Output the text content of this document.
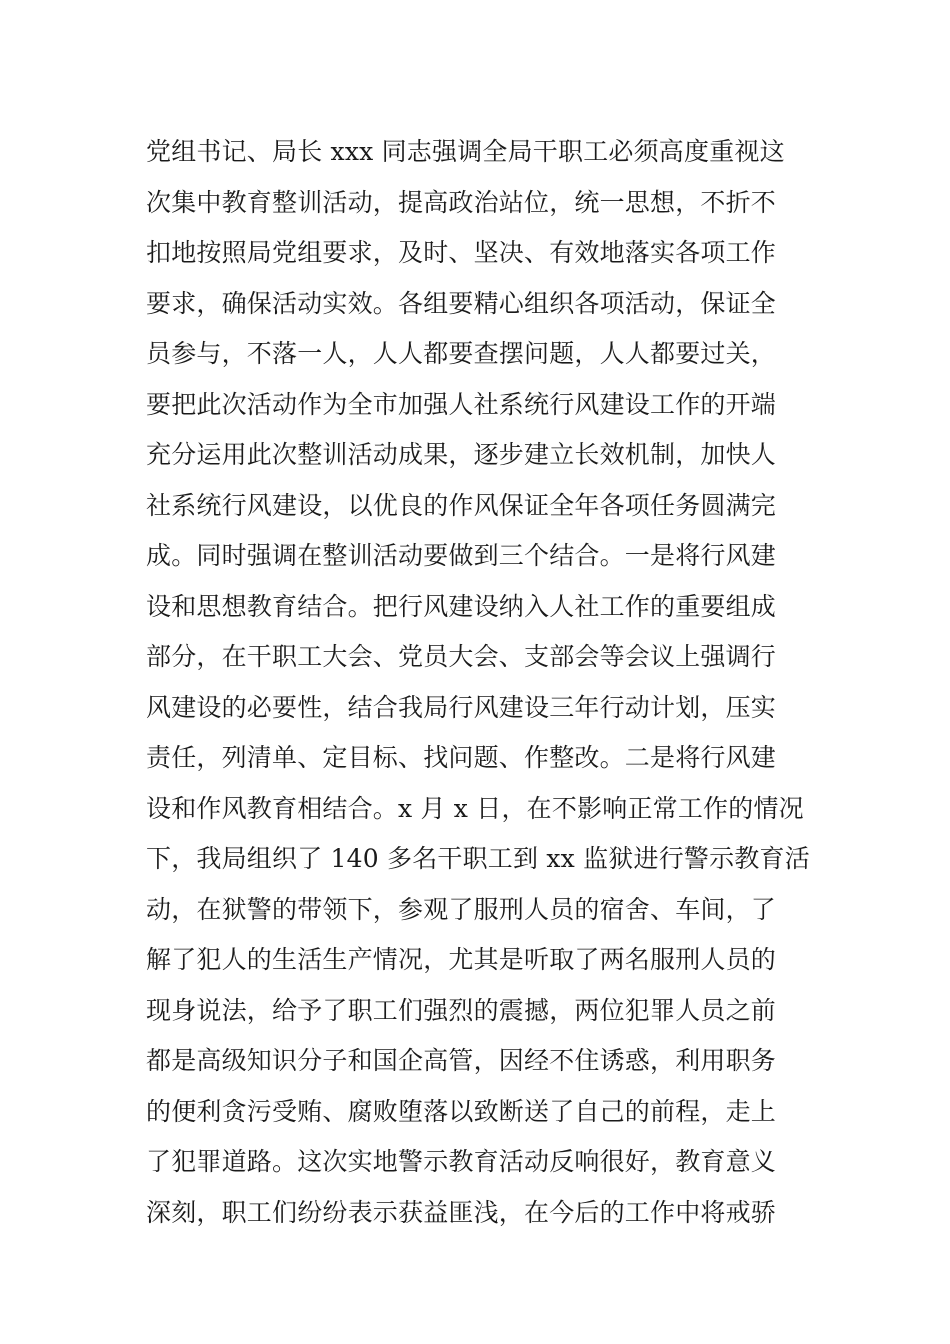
党组书记、局长 xxx 同志强调全局干职工必须高度重视这
次集中教育整训活动，提高政治站位，统一思想，不折不
扣地按照局党组要求，及时、坚决、有效地落实各项工作
要求，确保活动实效。各组要精心组织各项活动，保证全
员参与，不落一人，人人都要查摆问题，人人都要过关，
要把此次活动作为全市加强人社系统行风建设工作的开端
充分运用此次整训活动成果，逐步建立长效机制，加快人
社系统行风建设，以优良的作风保证全年各项任务圆满完
成。同时强调在整训活动要做到三个结合。一是将行风建
设和思想教育结合。把行风建设纳入人社工作的重要组成
部分，在干职工大会、党员大会、支部会等会议上强调行
风建设的必要性，结合我局行风建设三年行动计划，压实
责任，列清单、定目标、找问题、作整改。二是将行风建
设和作风教育相结合。x 月 x 日，在不影响正常工作的情况
下，我局组织了 140 多名干职工到 xx 监狱进行警示教育活
动，在狱警的带领下，参观了服刑人员的宿舍、车间，了
解了犯人的生活生产情况，尤其是听取了两名服刑人员的
现身说法，给予了职工们强烈的震撼，两位犯罪人员之前
都是高级知识分子和国企高管，因经不住诱惑，利用职务
的便利贪污受贿、腐败堕落以致断送了自己的前程，走上
了犯罪道路。这次实地警示教育活动反响很好，教育意义
深刻，职工们纷纷表示获益匪浅，在今后的工作中将戒骄
